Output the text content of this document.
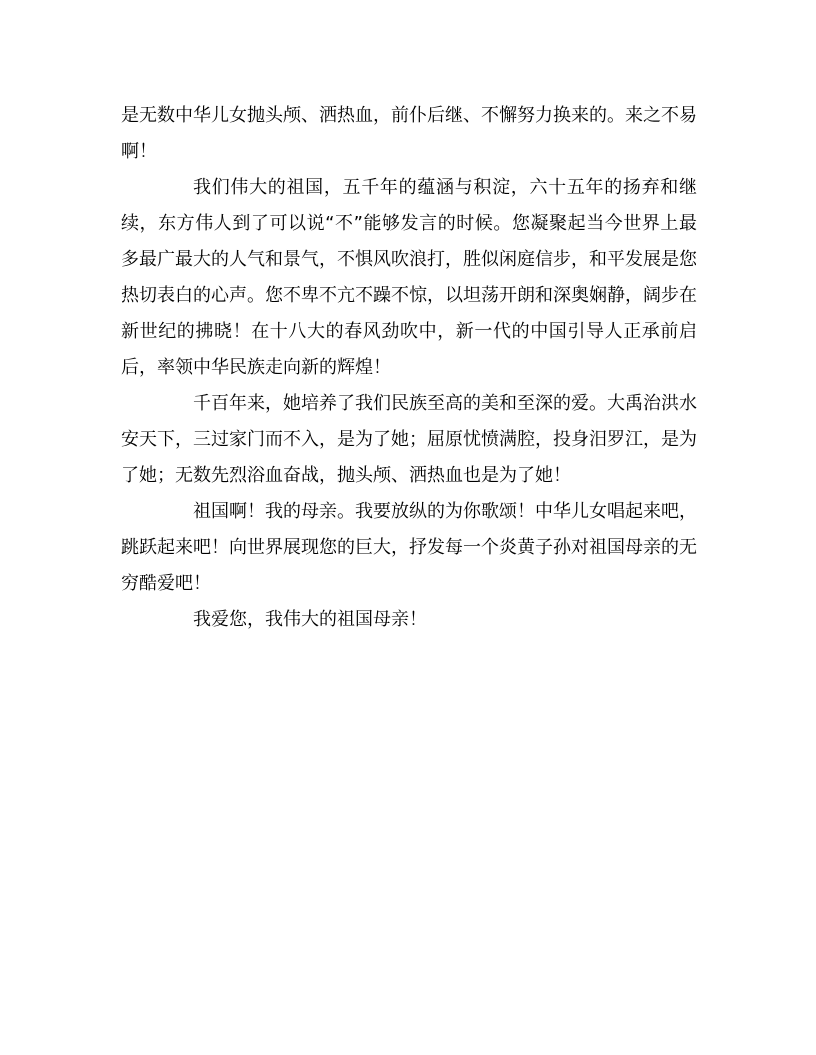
是无数中华儿女抛头颅、洒热血，前仆后继、不懈努力换来的。来之不易啊！

我们伟大的祖国，五千年的蕴涵与积淀，六十五年的扬弃和继续，东方伟人到了可以说“不”能够发言的时候。您凝聚起当今世界上最多最广最大的人气和景气，不惧风吹浪打，胜似闲庭信步，和平发展是您热切表白的心声。您不卑不亢不躁不惊，以坦荡开朗和深奥娴静，阔步在新世纪的拂晓！在十八大的春风劲吹中，新一代的中国引导人正承前启后，率领中华民族走向新的辉煌！

千百年来，她培养了我们民族至高的美和至深的爱。大禹治洪水安天下，三过家门而不入，是为了她；屈原忧愤满腔，投身汨罗江，是为了她；无数先烈浴血奋战，抛头颅、洒热血也是为了她！

祖国啊！我的母亲。我要放纵的为你歌颂！中华儿女唱起来吧，跳跃起来吧！向世界展现您的巨大，抒发每一个炎黄子孙对祖国母亲的无穷酷爱吧！

我爱您，我伟大的祖国母亲！
